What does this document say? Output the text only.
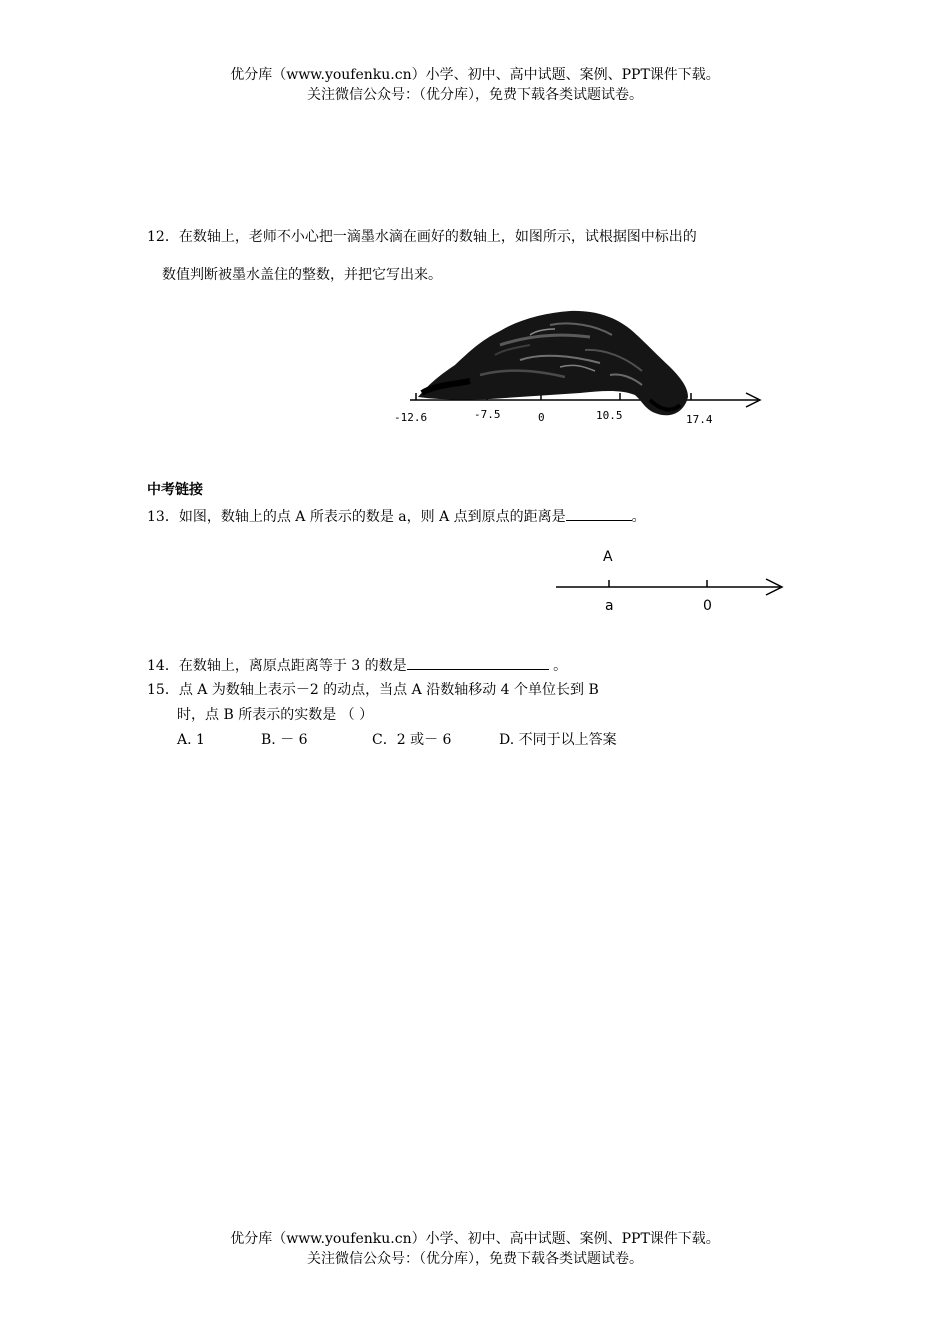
优分库（www.youfenku.cn）小学、初中、高中试题、案例、PPT课件下载。
关注微信公众号：（优分库），免费下载各类试题试卷。
12．在数轴上，老师不小心把一滴墨水滴在画好的数轴上，如图所示，试根据图中标出的
数值判断被墨水盖住的整数，并把它写出来。
-12.6	-7.5	0	10.5	17.4
中考链接
13．如图，数轴上的点 A 所表示的数是 a，则 A 点到原点的距离是	。
A
a	0
14．在数轴上，离原点距离等于 3 的数是	。
15．点 A 为数轴上表示－2 的动点，当点 A 沿数轴移动 4 个单位长到 B
时，点 B 所表示的实数是 （ ）
A. 1	B. － 6	C．2 或－ 6	D. 不同于以上答案
优分库（www.youfenku.cn）小学、初中、高中试题、案例、PPT课件下载。
关注微信公众号：（优分库），免费下载各类试题试卷。
